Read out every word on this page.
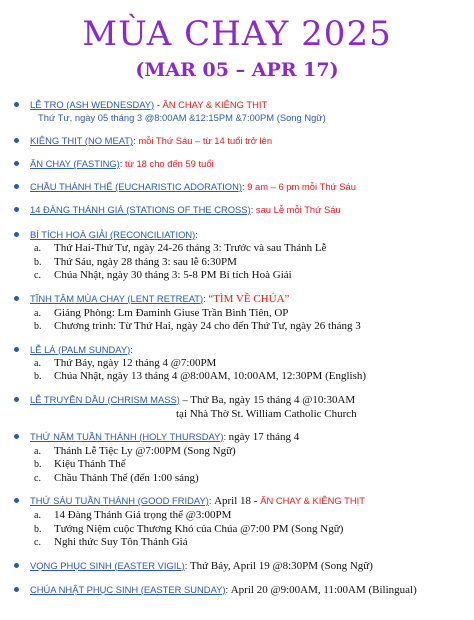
MÙA CHAY 2025
(MAR 05 – APR 17)
LỄ TRO (ASH WEDNESDAY) - ĂN CHAY & KIÊNG THỊT
Thứ Tư, ngày 05 tháng 3 @8:00AM &12:15PM &7:00PM (Song Ngữ)
KIÊNG THỊT (NO MEAT): mỗi Thứ Sáu – từ 14 tuổi trở lên
ĂN CHAY (FASTING): từ 18 cho đến 59 tuổi
CHẦU THÁNH THỂ (EUCHARISTIC ADORATION): 9 am – 6 pm mỗi Thứ Sáu
14 ĐÀNG THÁNH GIÁ (STATIONS OF THE CROSS): sau Lễ mỗi Thứ Sáu
BÍ TÍCH HOÀ GIẢI (RECONCILIATION):
a. Thứ Hai-Thứ Tư, ngày 24-26 tháng 3: Trước và sau Thánh Lễ
b. Thứ Sáu, ngày 28 tháng 3: sau lễ 6:30PM
c. Chúa Nhật, ngày 30 tháng 3: 5-8 PM Bí tích Hoà Giải
TĨNH TÂM MÙA CHAY (LENT RETREAT): “TÌM VỀ CHÚA”
a. Giảng Phòng: Lm Đaminh Giuse Trần Bình Tiên, OP
b. Chương trình: Từ Thứ Hai, ngày 24 cho đến Thứ Tư, ngày 26 tháng 3
LỄ LÁ (PALM SUNDAY):
a. Thứ Bảy, ngày 12 tháng 4 @7:00PM
b. Chúa Nhật, ngày 13 tháng 4 @8:00AM, 10:00AM, 12:30PM (English)
LỄ TRUYỀN DẦU (CHRISM MASS) – Thứ Ba, ngày 15 tháng 4 @10:30AM
tại Nhà Thờ St. William Catholic Church
THỨ NĂM TUẦN THÁNH (HOLY THURSDAY): ngày 17 tháng 4
a. Thánh Lễ Tiệc Ly @7:00PM (Song Ngữ)
b. Kiệu Thánh Thể
c. Chầu Thánh Thể (đến 1:00 sáng)
THỨ SÁU TUẦN THÁNH (GOOD FRIDAY): April 18 - ĂN CHAY & KIÊNG THỊT
a. 14 Đàng Thánh Giá trọng thể @3:00PM
b. Tưởng Niệm cuộc Thương Khó của Chúa @7:00 PM (Song Ngữ)
c. Nghi thức Suy Tôn Thánh Giá
VỌNG PHỤC SINH (EASTER VIGIL): Thứ Bảy, April 19 @8:30PM (Song Ngữ)
CHÚA NHẬT PHỤC SINH (EASTER SUNDAY): April 20 @9:00AM, 11:00AM (Bilingual)
